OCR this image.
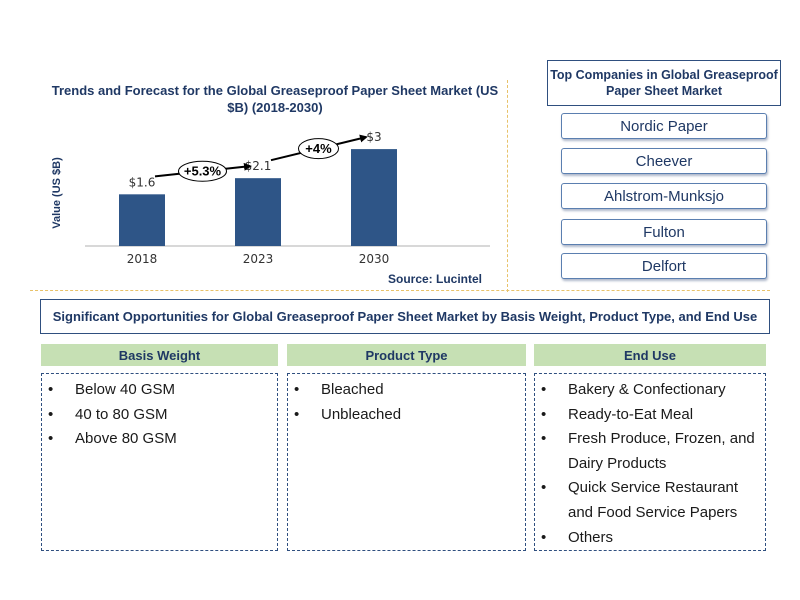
Trends and Forecast for the Global Greaseproof Paper Sheet Market (US $B) (2018-2030)
Value (US $B)	$1.6
2018
$2.1
2023
$3
2030
+5.3%
+4%
Source: Lucintel
Top Companies in Global Greaseproof Paper Sheet Market
Nordic Paper
Cheever
Ahlstrom-Munksjo
Fulton
Delfort
Significant Opportunities for Global Greaseproof Paper Sheet Market by Basis Weight, Product Type, and End Use
Basis Weight	Product Type	End Use
• Below 40 GSM
• 40 to 80 GSM
• Above 80 GSM
• Bleached
• Unbleached
• Bakery & Confectionary
• Ready-to-Eat Meal
• Fresh Produce, Frozen, and Dairy Products
• Quick Service Restaurant and Food Service Papers
• Others
